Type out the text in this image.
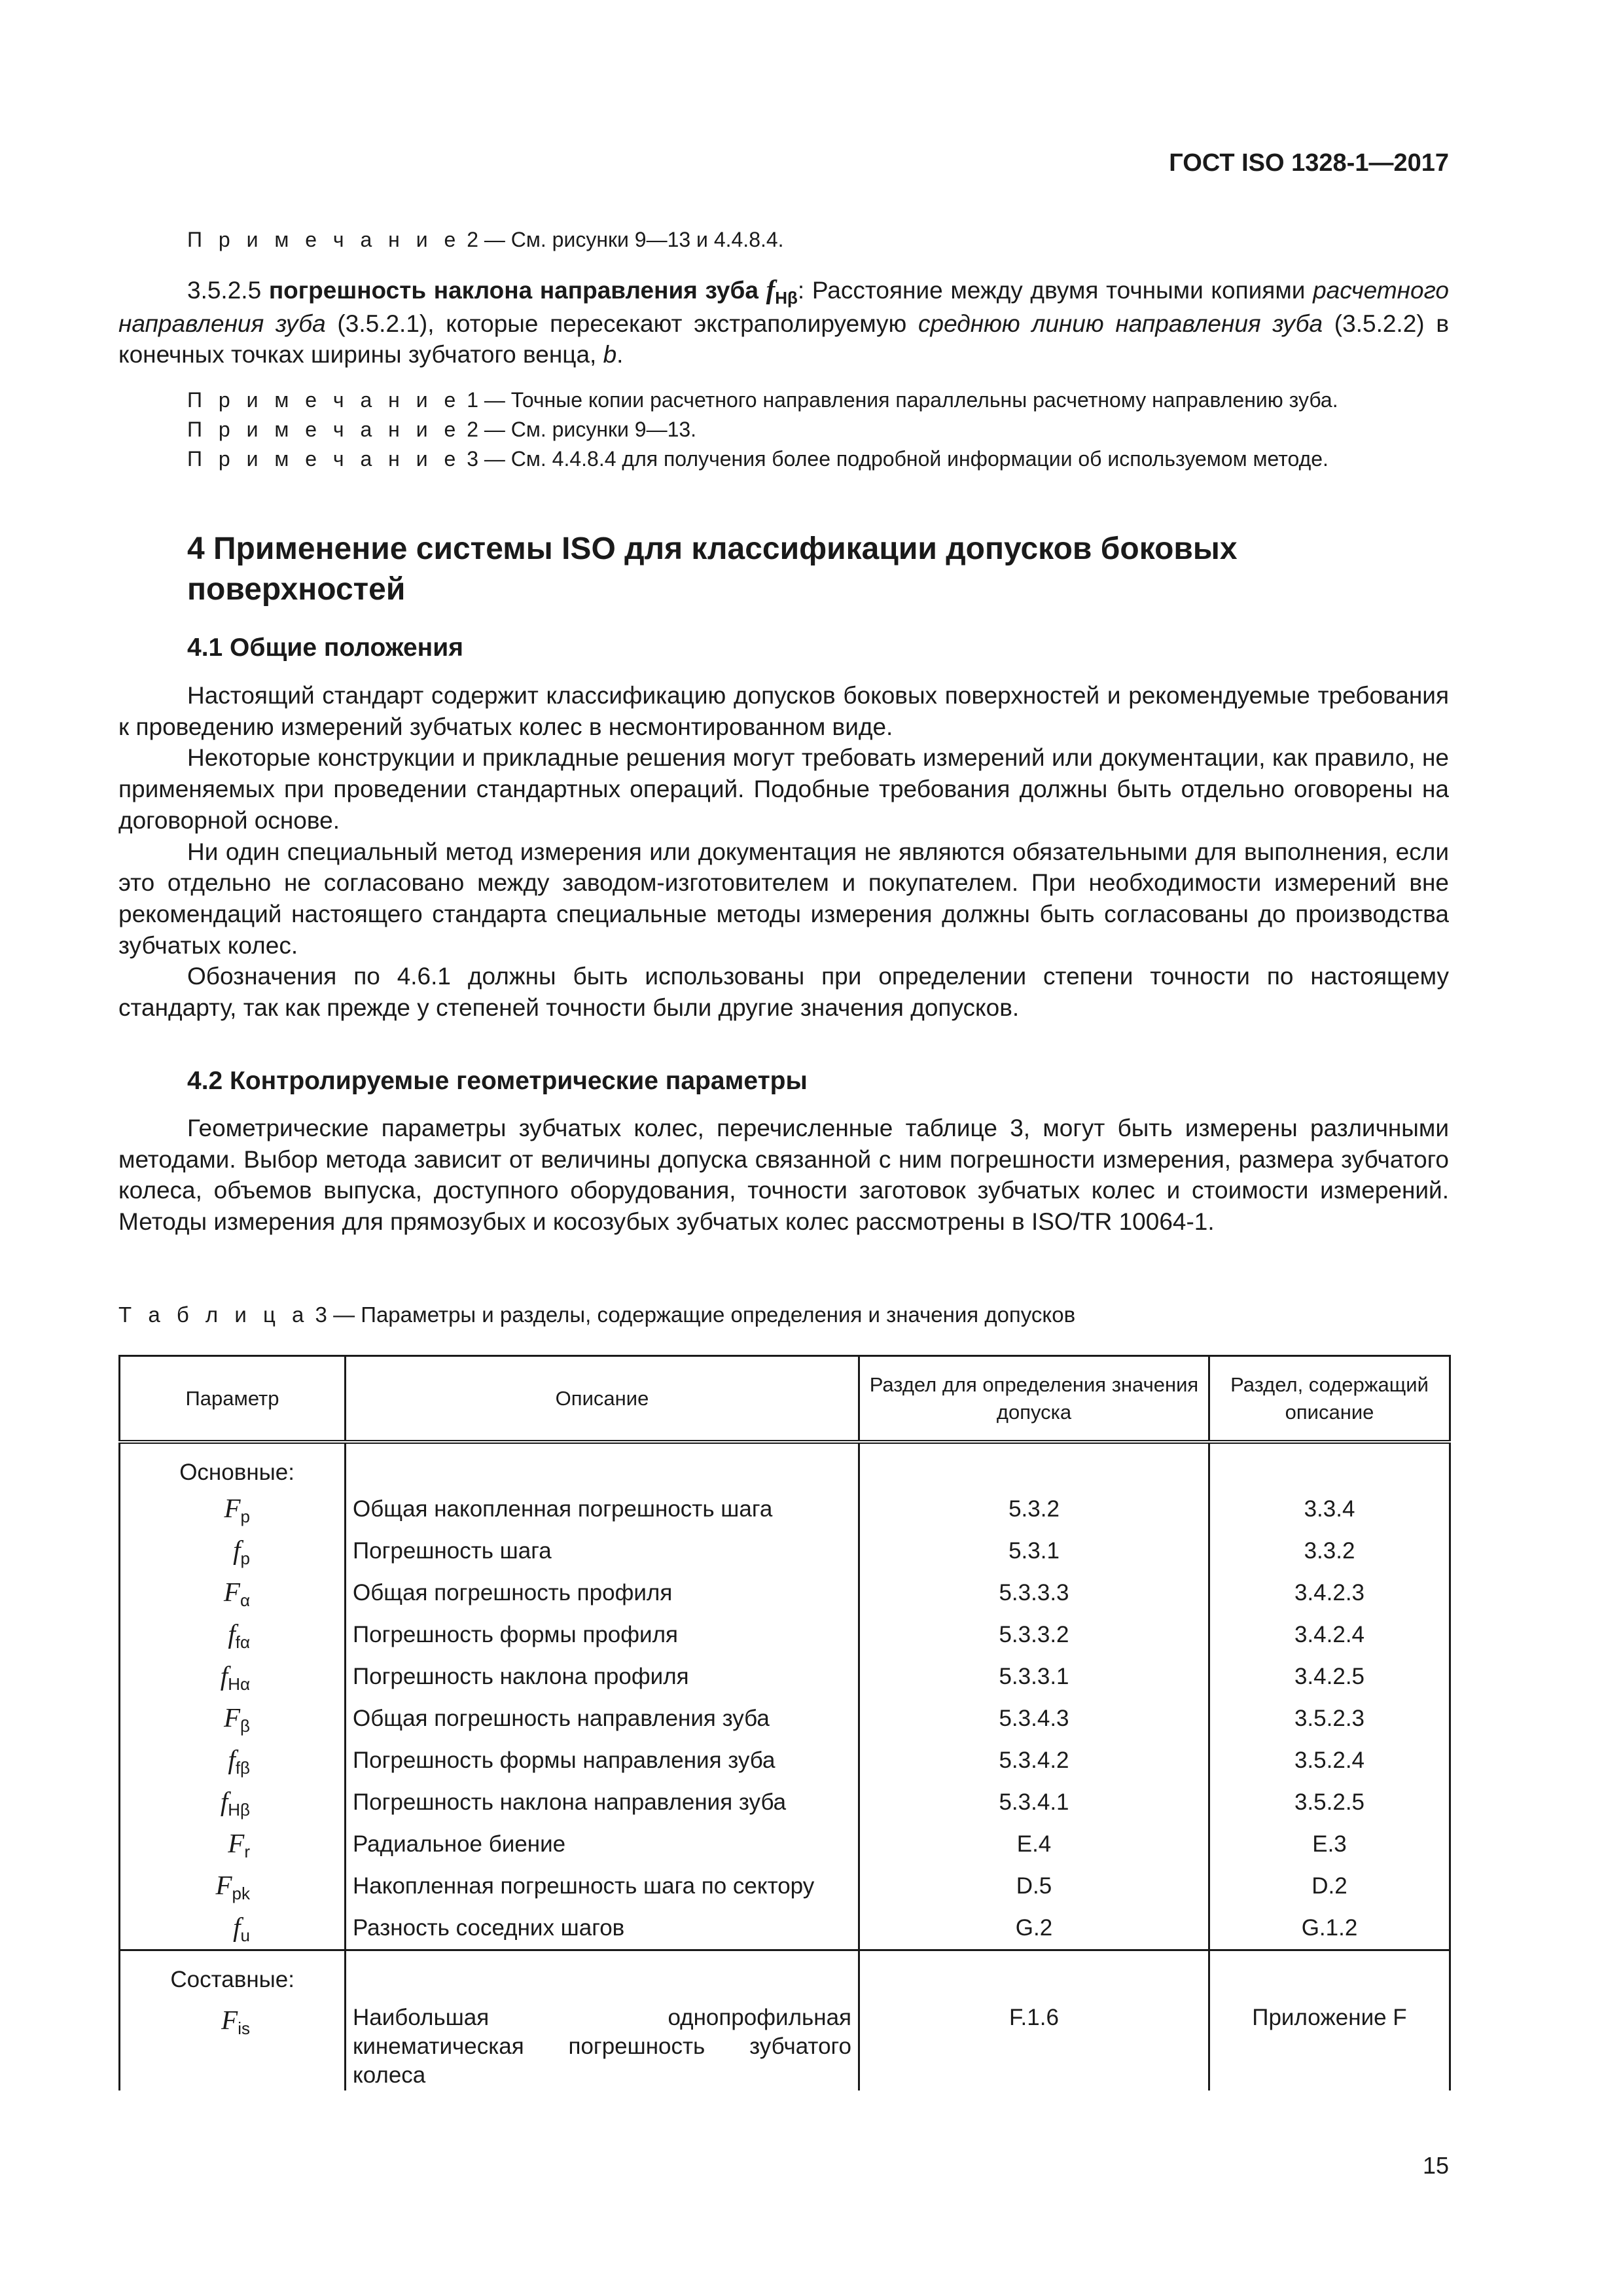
ГОСТ ISO 1328-1—2017
П р и м е ч а н и е 2 — См. рисунки 9—13 и 4.4.8.4.
3.5.2.5 погрешность наклона направления зуба $f_{H\beta}$: Расстояние между двумя точными копиями расчетного направления зуба (3.5.2.1), которые пересекают экстраполируемую среднюю линию направления зуба (3.5.2.2) в конечных точках ширины зубчатого венца, b.
П р и м е ч а н и е 1 — Точные копии расчетного направления параллельны расчетному направлению зуба.
П р и м е ч а н и е 2 — См. рисунки 9—13.
П р и м е ч а н и е 3 — См. 4.4.8.4 для получения более подробной информации об используемом методе.
4 Применение системы ISO для классификации допусков боковых
поверхностей
4.1 Общие положения
Настоящий стандарт содержит классификацию допусков боковых поверхностей и рекомендуемые требования к проведению измерений зубчатых колес в несмонтированном виде.
Некоторые конструкции и прикладные решения могут требовать измерений или документации, как правило, не применяемых при проведении стандартных операций. Подобные требования должны быть отдельно оговорены на договорной основе.
Ни один специальный метод измерения или документация не являются обязательными для выполнения, если это отдельно не согласовано между заводом-изготовителем и покупателем. При необходимости измерений вне рекомендаций настоящего стандарта специальные методы измерения должны быть согласованы до производства зубчатых колес.
Обозначения по 4.6.1 должны быть использованы при определении степени точности по настоящему стандарту, так как прежде у степеней точности были другие значения допусков.
4.2 Контролируемые геометрические параметры
Геометрические параметры зубчатых колес, перечисленные таблице 3, могут быть измерены различными методами. Выбор метода зависит от величины допуска связанной с ним погрешности измерения, размера зубчатого колеса, объемов выпуска, доступного оборудования, точности заготовок зубчатых колес и стоимости измерений. Методы измерения для прямозубых и косозубых зубчатых колес рассмотрены в ISO/TR 10064-1.
Т а б л и ц а 3 — Параметры и разделы, содержащие определения и значения допусков
Параметр	Описание	Раздел для определения значения допуска	Раздел, содержащий описание
Основные:			
$F_p$	Общая накопленная погрешность шага	5.3.2	3.3.4
$f_p$	Погрешность шага	5.3.1	3.3.2
$F_\alpha$	Общая погрешность профиля	5.3.3.3	3.4.2.3
$f_{f\alpha}$	Погрешность формы профиля	5.3.3.2	3.4.2.4
$f_{H\alpha}$	Погрешность наклона профиля	5.3.3.1	3.4.2.5
$F_\beta$	Общая погрешность направления зуба	5.3.4.3	3.5.2.3
$f_{f\beta}$	Погрешность формы направления зуба	5.3.4.2	3.5.2.4
$f_{H\beta}$	Погрешность наклона направления зуба	5.3.4.1	3.5.2.5
$F_r$	Радиальное биение	E.4	E.3
$F_{pk}$	Накопленная погрешность шага по сектору	D.5	D.2
$f_u$	Разность соседних шагов	G.2	G.1.2
Составные:			
$F_{is}$	Наибольшая однопрофильная кинематическая погрешность зубчатого колеса	F.1.6	Приложение F
15
